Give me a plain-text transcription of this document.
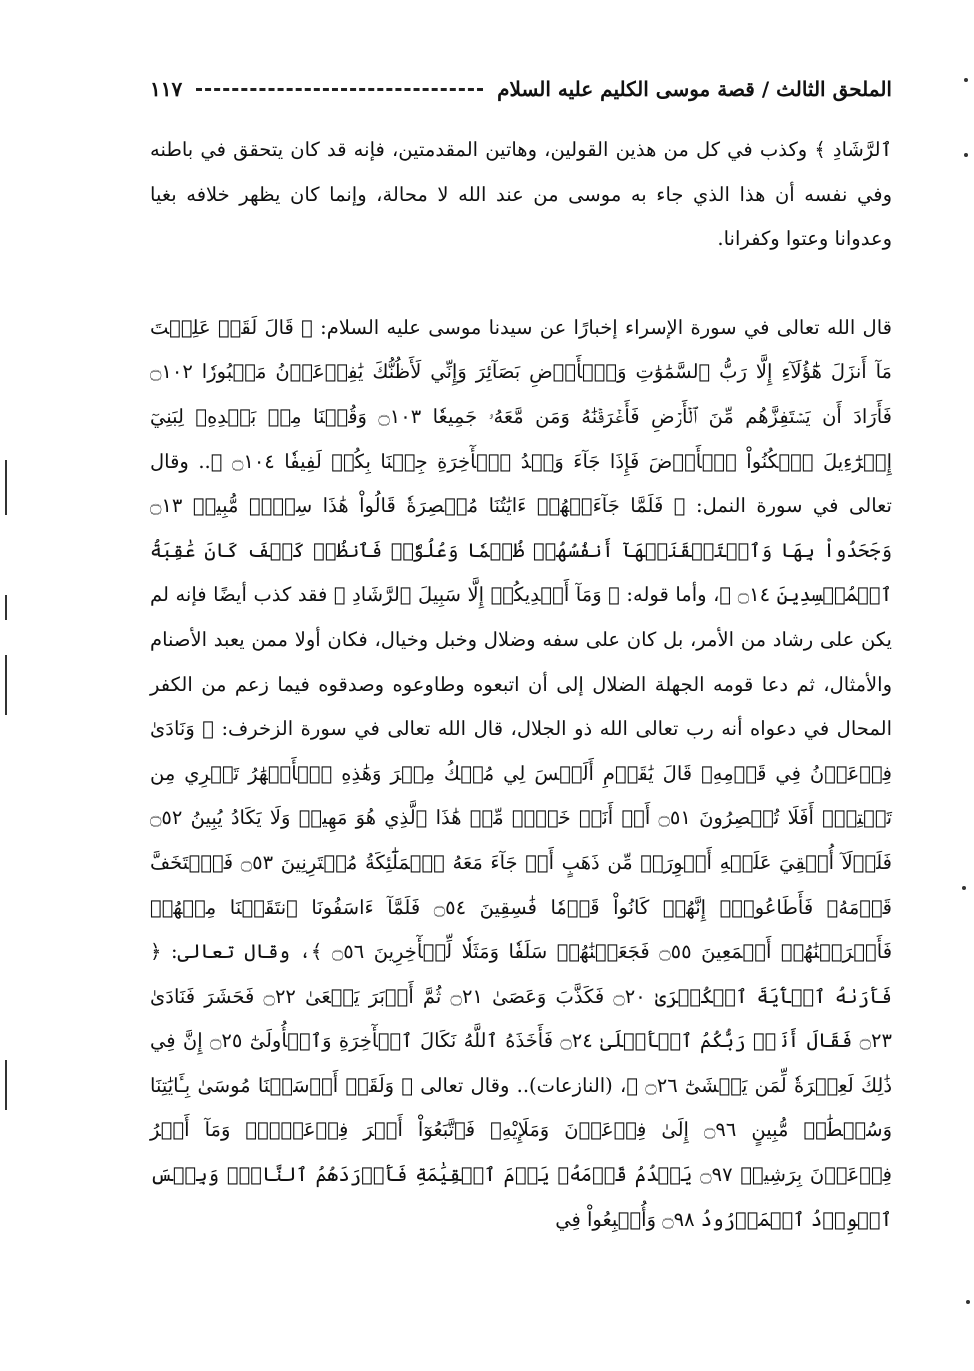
الملحق الثالث / قصة موسى الكليم عليه السلام
١١٧

ٱلرَّشَادِ ﴾ وكذب في كل من هذين القولين، وهاتين المقدمتين، فإنه قد كان يتحقق في باطنه وفي نفسه أن هذا الذي جاء به موسى من عند الله لا محالة، وإنما كان يظهر خلافه بغيا وعدوانا وعتوا وكفرانا.

قال الله تعالى في سورة الإسراء إخبارًا عن سيدنا موسى عليه السلام: ﴿ قَالَ لَقَدۡ عَلِمۡتَ مَآ أَنزَلَ هَٰٓؤُلَآءِ إِلَّا رَبُّ ٱلسَّمَٰوَٰتِ وَٱلۡأَرۡضِ بَصَآئِرَ وَإِنِّي لَأَظُنُّكَ يَٰفِرۡعَوۡنُ مَثۡبُورٗا ۝١٠٢ فَأَرَادَ أَن يَسۡتَفِزَّهُم مِّنَ ٱلۡأَرۡضِ فَأَغۡرَقۡنَٰهُ وَمَن مَّعَهُۥ جَمِيعٗا ۝١٠٣ وَقُلۡنَا مِنۢ بَعۡدِهِۦ لِبَنِيٓ إِسۡرَٰٓءِيلَ ٱسۡكُنُواْ ٱلۡأَرۡضَ فَإِذَا جَآءَ وَعۡدُ ٱلۡأٓخِرَةِ جِئۡنَا بِكُمۡ لَفِيفٗا ۝١٠٤ ﴾.. وقال تعالى في سورة النمل: ﴿ فَلَمَّا جَآءَتۡهُمۡ ءَايَٰتُنَا مُبۡصِرَةٗ قَالُواْ هَٰذَا سِحۡرٞ مُّبِينٞ ۝١٣ وَجَحَدُواْ بِهَا وَٱسۡتَيۡقَنَتۡهَآ أَنفُسُهُمۡ ظُلۡمٗا وَعُلُوّٗاۚ فَٱنظُرۡ كَيۡفَ كَانَ عَٰقِبَةُ ٱلۡمُفۡسِدِينَ ۝١٤ ﴾، وأما قوله: ﴿ وَمَآ أَهۡدِيكُمۡ إِلَّا سَبِيلَ ٱلرَّشَادِ ﴾ فقد كذب أيضًا فإنه لم يكن على رشاد من الأمر، بل كان على سفه وضلال وخبل وخيال، فكان أولا ممن يعبد الأصنام والأمثال، ثم دعا قومه الجهلة الضلال إلى أن اتبعوه وطاوعوه وصدقوه فيما زعم من الكفر المحال في دعواه أنه رب تعالى الله ذو الجلال، قال الله تعالى في سورة الزخرف: ﴿ وَنَادَىٰ فِرۡعَوۡنُ فِي قَوۡمِهِۦ قَالَ يَٰقَوۡمِ أَلَيۡسَ لِي مُلۡكُ مِصۡرَ وَهَٰذِهِ ٱلۡأَنۡهَٰرُ تَجۡرِي مِن تَحۡتِيٓۚ أَفَلَا تُبۡصِرُونَ ۝٥١ أَمۡ أَنَا۠ خَيۡرٞ مِّنۡ هَٰذَا ٱلَّذِي هُوَ مَهِينٞ وَلَا يَكَادُ يُبِينُ ۝٥٢ فَلَوۡلَآ أُلۡقِيَ عَلَيۡهِ أَسۡوِرَةٞ مِّن ذَهَبٍ أَوۡ جَآءَ مَعَهُ ٱلۡمَلَٰٓئِكَةُ مُقۡتَرِنِينَ ۝٥٣ فَٱسۡتَخَفَّ قَوۡمَهُۥ فَأَطَاعُوهُۚ إِنَّهُمۡ كَانُواْ قَوۡمٗا فَٰسِقِينَ ۝٥٤ فَلَمَّآ ءَاسَفُونَا ٱنتَقَمۡنَا مِنۡهُمۡ فَأَغۡرَقۡنَٰهُمۡ أَجۡمَعِينَ ۝٥٥ فَجَعَلۡنَٰهُمۡ سَلَفٗا وَمَثَلٗا لِّلۡأٓخِرِينَ ۝٥٦ ﴾، وقال تعالى: ﴿ فَأَرَىٰهُ ٱلۡأٓيَةَ ٱلۡكُبۡرَىٰ ۝٢٠ فَكَذَّبَ وَعَصَىٰ ۝٢١ ثُمَّ أَدۡبَرَ يَسۡعَىٰ ۝٢٢ فَحَشَرَ فَنَادَىٰ ۝٢٣ فَقَالَ أَنَا۠ رَبُّكُمُ ٱلۡأَعۡلَىٰ ۝٢٤ فَأَخَذَهُ ٱللَّهُ نَكَالَ ٱلۡأٓخِرَةِ وَٱلۡأُولَىٰٓ ۝٢٥ إِنَّ فِي ذَٰلِكَ لَعِبۡرَةٗ لِّمَن يَخۡشَىٰٓ ۝٢٦ ﴾، (النازعات).. وقال تعالى ﴿ وَلَقَدۡ أَرۡسَلۡنَا مُوسَىٰ بِـَٔايَٰتِنَا وَسُلۡطَٰنٖ مُّبِينٍ ۝٩٦ إِلَىٰ فِرۡعَوۡنَ وَمَلَإِيْهِۦ فَٱتَّبَعُوٓاْ أَمۡرَ فِرۡعَوۡنَۖ وَمَآ أَمۡرُ فِرۡعَوۡنَ بِرَشِيدٖ ۝٩٧ يَقۡدُمُ قَوۡمَهُۥ يَوۡمَ ٱلۡقِيَٰمَةِ فَأَوۡرَدَهُمُ ٱلنَّارَۖ وَبِئۡسَ ٱلۡوِرۡدُ ٱلۡمَوۡرُودُ ۝٩٨ وَأُتۡبِعُواْ فِي
